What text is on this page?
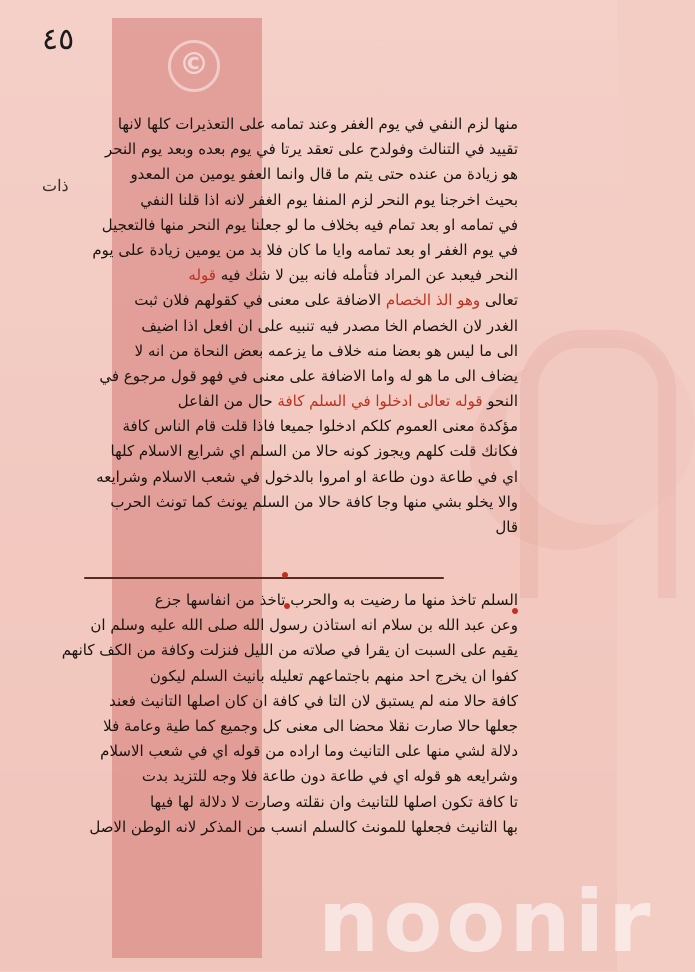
©
٤٥
ذات
منها لزم النفي في يوم الغفر وعند تمامه على التعذيرات كلها لانها
تقييد في التنالث وفولدح على تعقد يرتا في يوم بعده وبعد يوم النحر
هو زيادة من عنده حتى يتم ما قال وانما العفو يومين من المعدو
بحيث اخرجنا يوم النحر لزم المنفا يوم الغفر لانه اذا قلنا النفي
في تمامه او بعد تمام فيه بخلاف ما لو جعلنا يوم النحر منها فالتعجيل
في يوم الغفر او بعد تمامه وايا ما كان فلا بد من يومين زيادة على يوم
النحر فيعبد عن المراد فتأمله فانه بين لا شك فيه قوله
تعالى وهو الذ الخصام الاضافة على معنى في كقولهم فلان ثبت
الغدر لان الخصام الخا مصدر فيه تنبيه على ان افعل اذا اضيف
الى ما ليس هو بعضا منه خلاف ما يزعمه بعض النحاة من انه لا
يضاف الى ما هو له واما الاضافة على معنى في فهو قول مرجوع في
النحو قوله تعالى ادخلوا في السلم كافة حال من الفاعل
مؤكدة معنى العموم كلكم ادخلوا جميعا فاذا قلت قام الناس كافة
فكانك قلت كلهم ويجوز كونه حالا من السلم اي شرايع الاسلام كلها
اي في طاعة دون طاعة او امروا بالدخول في شعب الاسلام وشرايعه
والا يخلو بشي منها وجا كافة حالا من السلم يونث كما تونث الحرب
قال
السلم تاخذ منها ما رضيت به والحرب تاخذ من انفاسها جزع
وعن عبد الله بن سلام انه استاذن رسول الله صلى الله عليه وسلم ان
يقيم على السبت ان يقرا في صلاته من الليل فنزلت وكافة من الكف كانهم
كفوا ان يخرج احد منهم باجتماعهم تعليله بانيث السلم ليكون
كافة حالا منه لم يستبق لان التا في كافة ان كان اصلها التانيث فعند
جعلها حالا صارت نقلا محضا الى معنى كل وجميع كما طية وعامة فلا
دلالة لشي منها على التانيث وما اراده من قوله اي في شعب الاسلام
وشرايعه هو قوله اي في طاعة دون طاعة فلا وجه للتزيد بدت
تا كافة تكون اصلها للتانيث وان نقلته وصارت لا دلالة لها فيها
بها التانيث فجعلها للمونث كالسلم انسب من المذكر لانه الوطن الاصل
noonir
